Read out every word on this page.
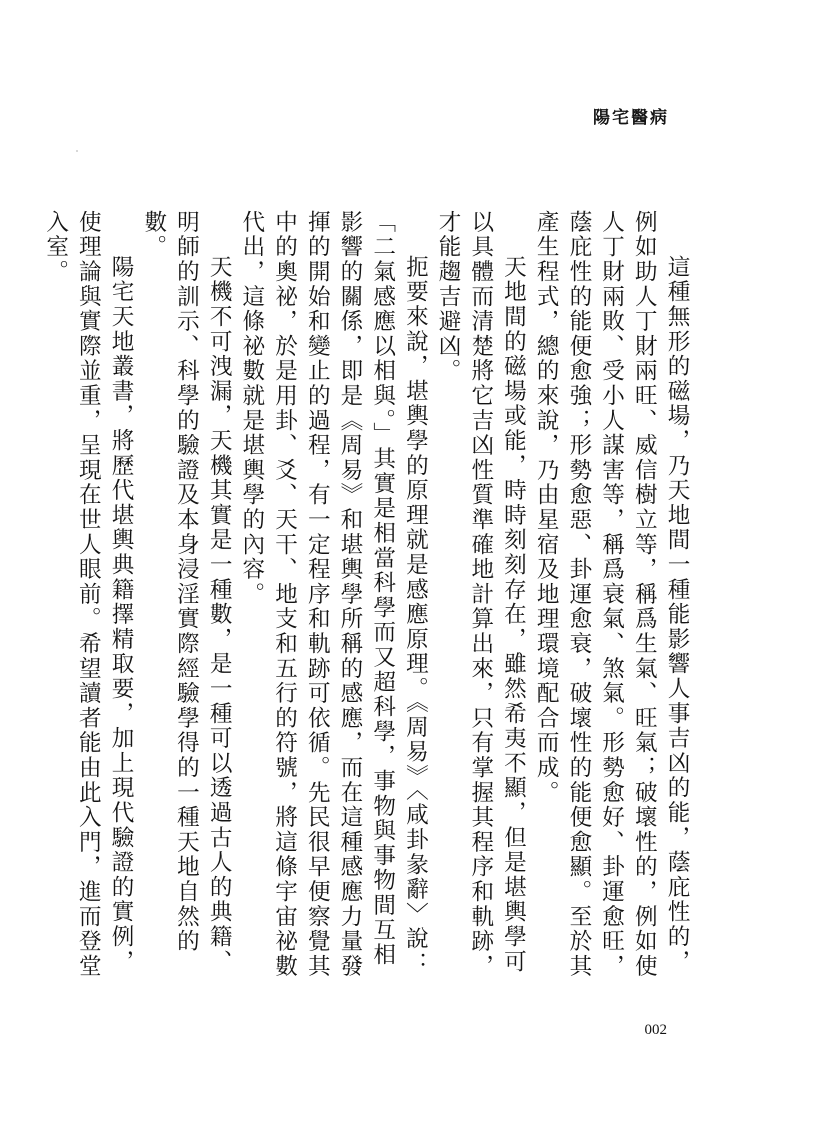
陽宅醫病

這種無形的磁場，乃天地間一種能影響人事吉凶的能，蔭庇性的，例如助人丁財兩旺、威信樹立等，稱爲生氣、旺氣；破壞性的，例如使人丁財兩敗、受小人謀害等，稱爲衰氣、煞氣。形勢愈好、卦運愈旺，蔭庇性的能便愈強；形勢愈惡、卦運愈衰，破壞性的能便愈顯。至於其產生程式，總的來說，乃由星宿及地理環境配合而成。

天地間的磁場或能，時時刻刻存在，雖然希夷不顯，但是堪輿學可以具體而清楚將它吉凶性質準確地計算出來，只有掌握其程序和軌跡，才能趨吉避凶。

扼要來說，堪輿學的原理就是感應原理。《周易》〈咸卦彖辭〉說：「二氣感應以相與。」其實是相當科學而又超科學，事物與事物間互相影響的關係，即是《周易》和堪輿學所稱的感應，而在這種感應力量發揮的開始和變止的過程，有一定程序和軌跡可依循。先民很早便察覺其中的奧祕，於是用卦、爻、天干、地支和五行的符號，將這條宇宙祕數代出，這條祕數就是堪輿學的內容。

天機不可洩漏，天機其實是一種數，是一種可以透過古人的典籍、明師的訓示、科學的驗證及本身浸淫實際經驗學得的一種天地自然的數。

陽宅天地叢書，將歷代堪輿典籍擇精取要，加上現代驗證的實例，使理論與實際並重，呈現在世人眼前。希望讀者能由此入門，進而登堂入室。

002
